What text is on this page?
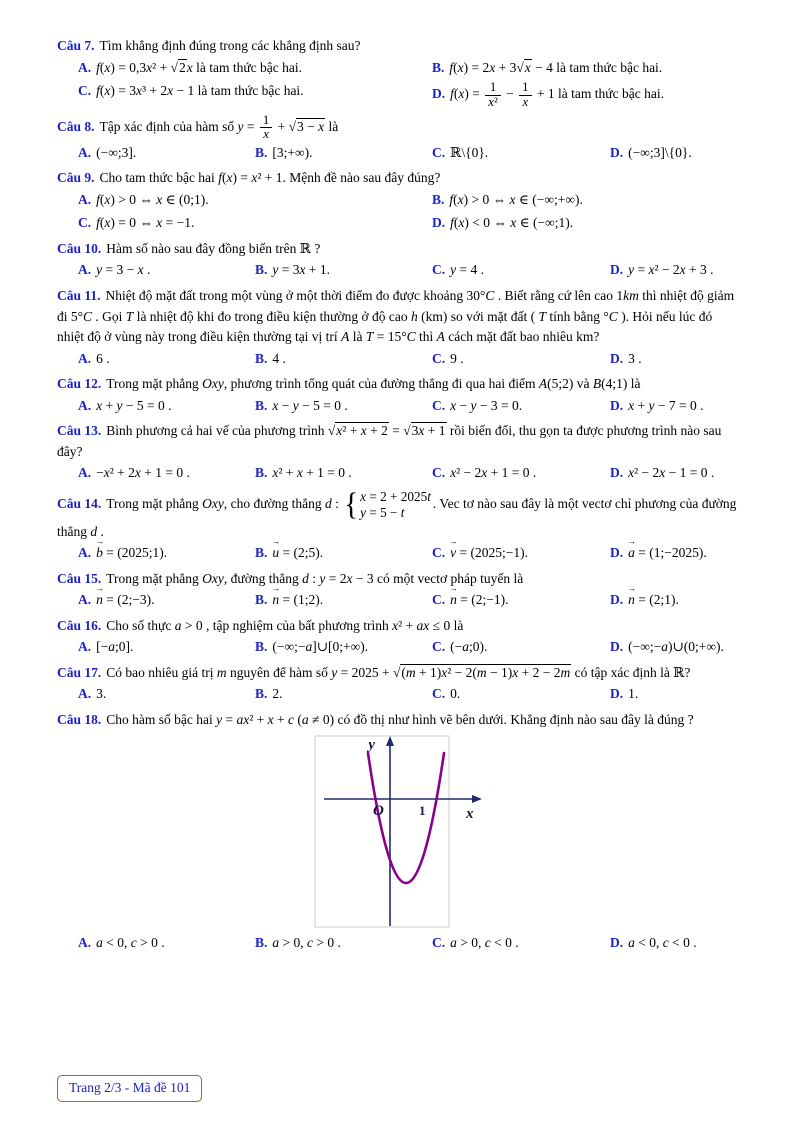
Câu 7. Tìm khẳng định đúng trong các khẳng định sau?
A. f(x) = 0,3x² + √2x là tam thức bậc hai.	B. f(x) = 2x + 3√x − 4 là tam thức bậc hai.
C. f(x) = 3x³ + 2x − 1 là tam thức bậc hai.	D. $f(x) = \frac{1}{\text{x²}} - \frac{1}{x} + 1$ là tam thức bậc hai.
Câu 8. Tập xác định của hàm số $y = \frac{1}{x} + √3 - x$ là
A. (−∞;3].	B. [3;+∞).	C. ℝ\{0}.	D. (−∞;3]\{0}.
Câu 9. Cho tam thức bậc hai f(x) = x² + 1. Mệnh đề nào sau đây đúng?
A. f(x) > 0 ⇔ x ∈ (0;1).	B. f(x) > 0 ⇔ x ∈ (−∞;+∞).
C. f(x) = 0 ⇔ x = −1.	D. f(x) < 0 ⇔ x ∈ (−∞;1).
Câu 10. Hàm số nào sau đây đồng biến trên ℝ ?
A. y = 3 − x .	B. y = 3x + 1.	C. y = 4 .	D. y = x² − 2x + 3 .
Câu 11. Nhiệt độ mặt đất trong một vùng ở một thời điểm đo được khoảng 30°C . Biết rằng cứ lên cao 1km thì nhiệt độ giảm đi 5°C . Gọi T là nhiệt độ khi đo trong điều kiện thường ở độ cao h (km) so với mặt đất ( T tính bằng °C ). Hỏi nếu lúc đó nhiệt độ ở vùng này trong điều kiện thường tại vị trí A là T = 15°C thì A cách mặt đất bao nhiêu km?
A. 6 .	B. 4 .	C. 9 .	D. 3 .
Câu 12. Trong mặt phẳng Oxy, phương trình tổng quát của đường thẳng đi qua hai điểm A(5;2) và B(4;1) là
A. x + y − 5 = 0 .	B. x − y − 5 = 0 .	C. x − y − 3 = 0.	D. x + y − 7 = 0 .
Câu 13. Bình phương cả hai vế của phương trình √x² + x + 2 = √3x + 1 rồi biến đổi, thu gọn ta được phương trình nào sau đây?
A. −x² + 2x + 1 = 0 .	B. x² + x + 1 = 0 .	C. x² − 2x + 1 = 0 .	D. x² − 2x − 1 = 0 .
Câu 14. Trong mặt phẳng Oxy, cho đường thẳng d : { x = 2 + 2025t
y = 5 − t
. Vec tơ nào sau đây là một vectơ chỉ phương của đường thẳng d .
A. b → = (2025;1).	B. u → = (2;5).	C. v → = (2025;−1).	D. a → = (1;−2025).
Câu 15. Trong mặt phẳng Oxy, đường thẳng d : y = 2x − 3 có một vectơ pháp tuyến là
A. n → = (2;−3).	B. n → = (1;2).	C. n → = (2;−1).	D. n → = (2;1).
Câu 16. Cho số thực a > 0 , tập nghiệm của bất phương trình x² + ax ≤ 0 là
A. [−a;0].	B. (−∞;−a]∪[0;+∞).	C. (−a;0).	D. (−∞;−a)∪(0;+∞).
Câu 17. Có bao nhiêu giá trị m nguyên để hàm số y = 2025 + √(m + 1)x² − 2(m − 1)x + 2 − 2m có tập xác định là ℝ?
A. 3.	B. 2.	C. 0.	D. 1.
Câu 18. Cho hàm số bậc hai y = ax² + x + c (a ≠ 0) có đồ thị như hình vẽ bên dưới. Khẳng định nào sau đây là đúng ?
y
x
O	1
A. a < 0, c > 0 .	B. a > 0, c > 0 .	C. a > 0, c < 0 .	D. a < 0, c < 0 .
Trang 2/3 - Mã đề 101
